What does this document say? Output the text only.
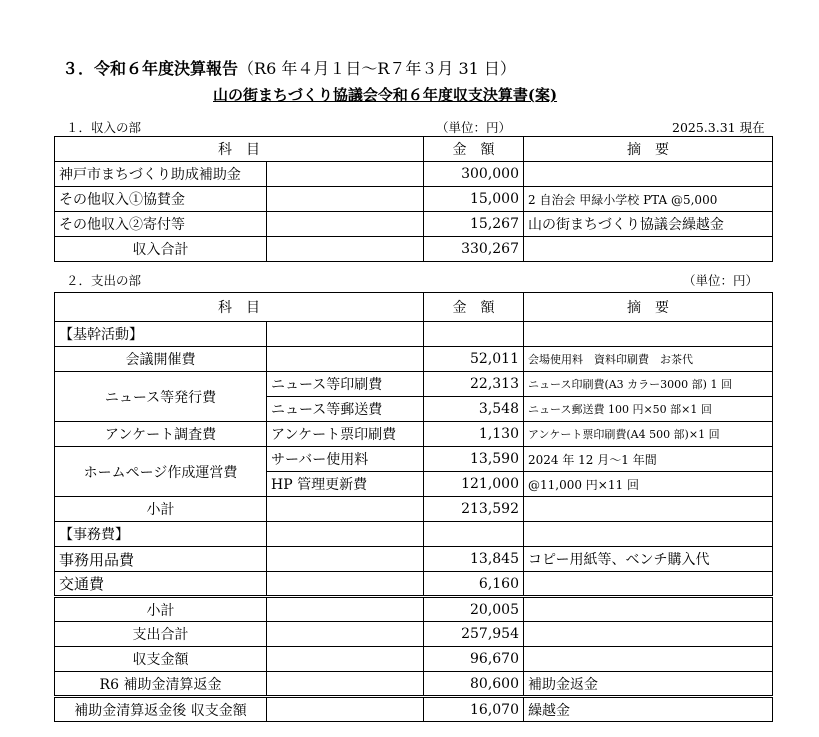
３．令和６年度決算報告（R6 年４月１日～R７年３月 31 日）
山の街まちづくり協議会令和６年度収支決算書(案)
１．収入の部	（単位：円）	2025.3.31 現在
科　目		金　額	摘　要
神戸市まちづくり助成補助金		300,000	
その他収入①協賛金		15,000	2 自治会 甲緑小学校 PTA @5,000
その他収入②寄付等		15,267	山の街まちづくり協議会繰越金
収入合計		330,267	
２．支出の部	（単位：円）
科　目		金　額	摘　要
【基幹活動】			
会議開催費		52,011	会場使用料　資料印刷費　お茶代
ニュース等発行費	ニュース等印刷費	22,313	ニュース印刷費(A3 カラー3000 部) 1 回
	ニュース等郵送費	3,548	ニュース郵送費 100 円×50 部×1 回
アンケート調査費	アンケート票印刷費	1,130	アンケート票印刷費(A4 500 部)×1 回
ホームページ作成運営費	サーバー使用料	13,590	2024 年 12 月～1 年間
	HP 管理更新費	121,000	@11,000 円×11 回
小計		213,592	
【事務費】			
事務用品費		13,845	コピー用紙等、ベンチ購入代
交通費		6,160	
小計		20,005	
支出合計		257,954	
収支金額		96,670	
R6 補助金清算返金		80,600	補助金返金
補助金清算返金後 収支金額		16,070	繰越金
